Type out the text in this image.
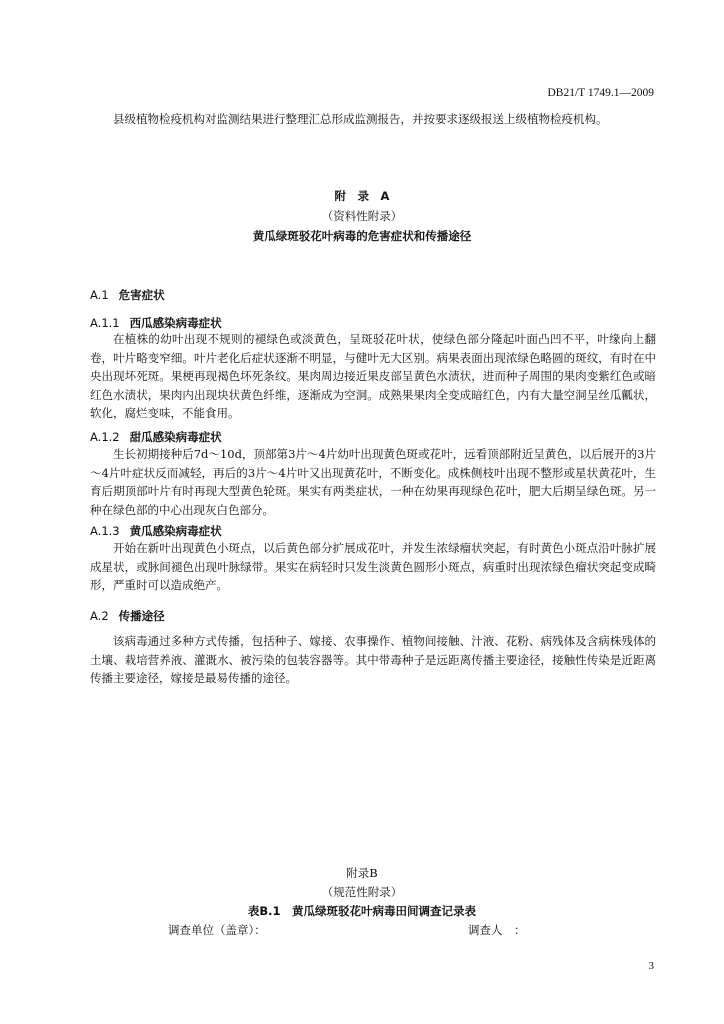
DB21/T 1749.1—2009

县级植物检疫机构对监测结果进行整理汇总形成监测报告，并按要求逐级报送上级植物检疫机构。

附　录　A
（资料性附录）
黄瓜绿斑驳花叶病毒的危害症状和传播途径
A.1 危害症状
A.1.1 西瓜感染病毒症状

在植株的幼叶出现不规则的褪绿色或淡黄色，呈斑驳花叶状，使绿色部分隆起叶面凸凹不平，叶缘向上翻卷，叶片略变窄细。叶片老化后症状逐渐不明显，与健叶无大区别。病果表面出现浓绿色略圆的斑纹，有时在中央出现坏死斑。果梗再现褐色坏死条纹。果肉周边接近果皮部呈黄色水渍状，进而种子周围的果肉变紫红色或暗红色水渍状，果肉内出现块状黄色纤维，逐渐成为空洞。成熟果果肉全变成暗红色，内有大量空洞呈丝瓜瓤状，软化，腐烂变味，不能食用。

A.1.2 甜瓜感染病毒症状

生长初期接种后7d～10d，顶部第3片～4片幼叶出现黄色斑或花叶，远看顶部附近呈黄色，以后展开的3片～4片叶症状反而减轻，再后的3片～4片叶又出现黄花叶，不断变化。成株侧枝叶出现不整形或星状黄花叶，生育后期顶部叶片有时再现大型黄色轮斑。果实有两类症状，一种在幼果再现绿色花叶，肥大后期呈绿色斑。另一种在绿色部的中心出现灰白色部分。

A.1.3 黄瓜感染病毒症状

开始在新叶出现黄色小斑点，以后黄色部分扩展成花叶，并发生浓绿瘤状突起，有时黄色小斑点沿叶脉扩展成星状，或脉间褪色出现叶脉绿带。果实在病轻时只发生淡黄色圆形小斑点，病重时出现浓绿色瘤状突起变成畸形，严重时可以造成绝产。

A.2 传播途径

该病毒通过多种方式传播，包括种子、嫁接、农事操作、植物间接触、汁液、花粉、病残体及含病株残体的土壤、栽培营养液、灌溉水、被污染的包装容器等。其中带毒种子是远距离传播主要途径，接触性传染是近距离传播主要途径，嫁接是最易传播的途径。

附录B
（规范性附录）
表B.1　黄瓜绿斑驳花叶病毒田间调查记录表
调查单位（盖章）：	调查人　：
3
